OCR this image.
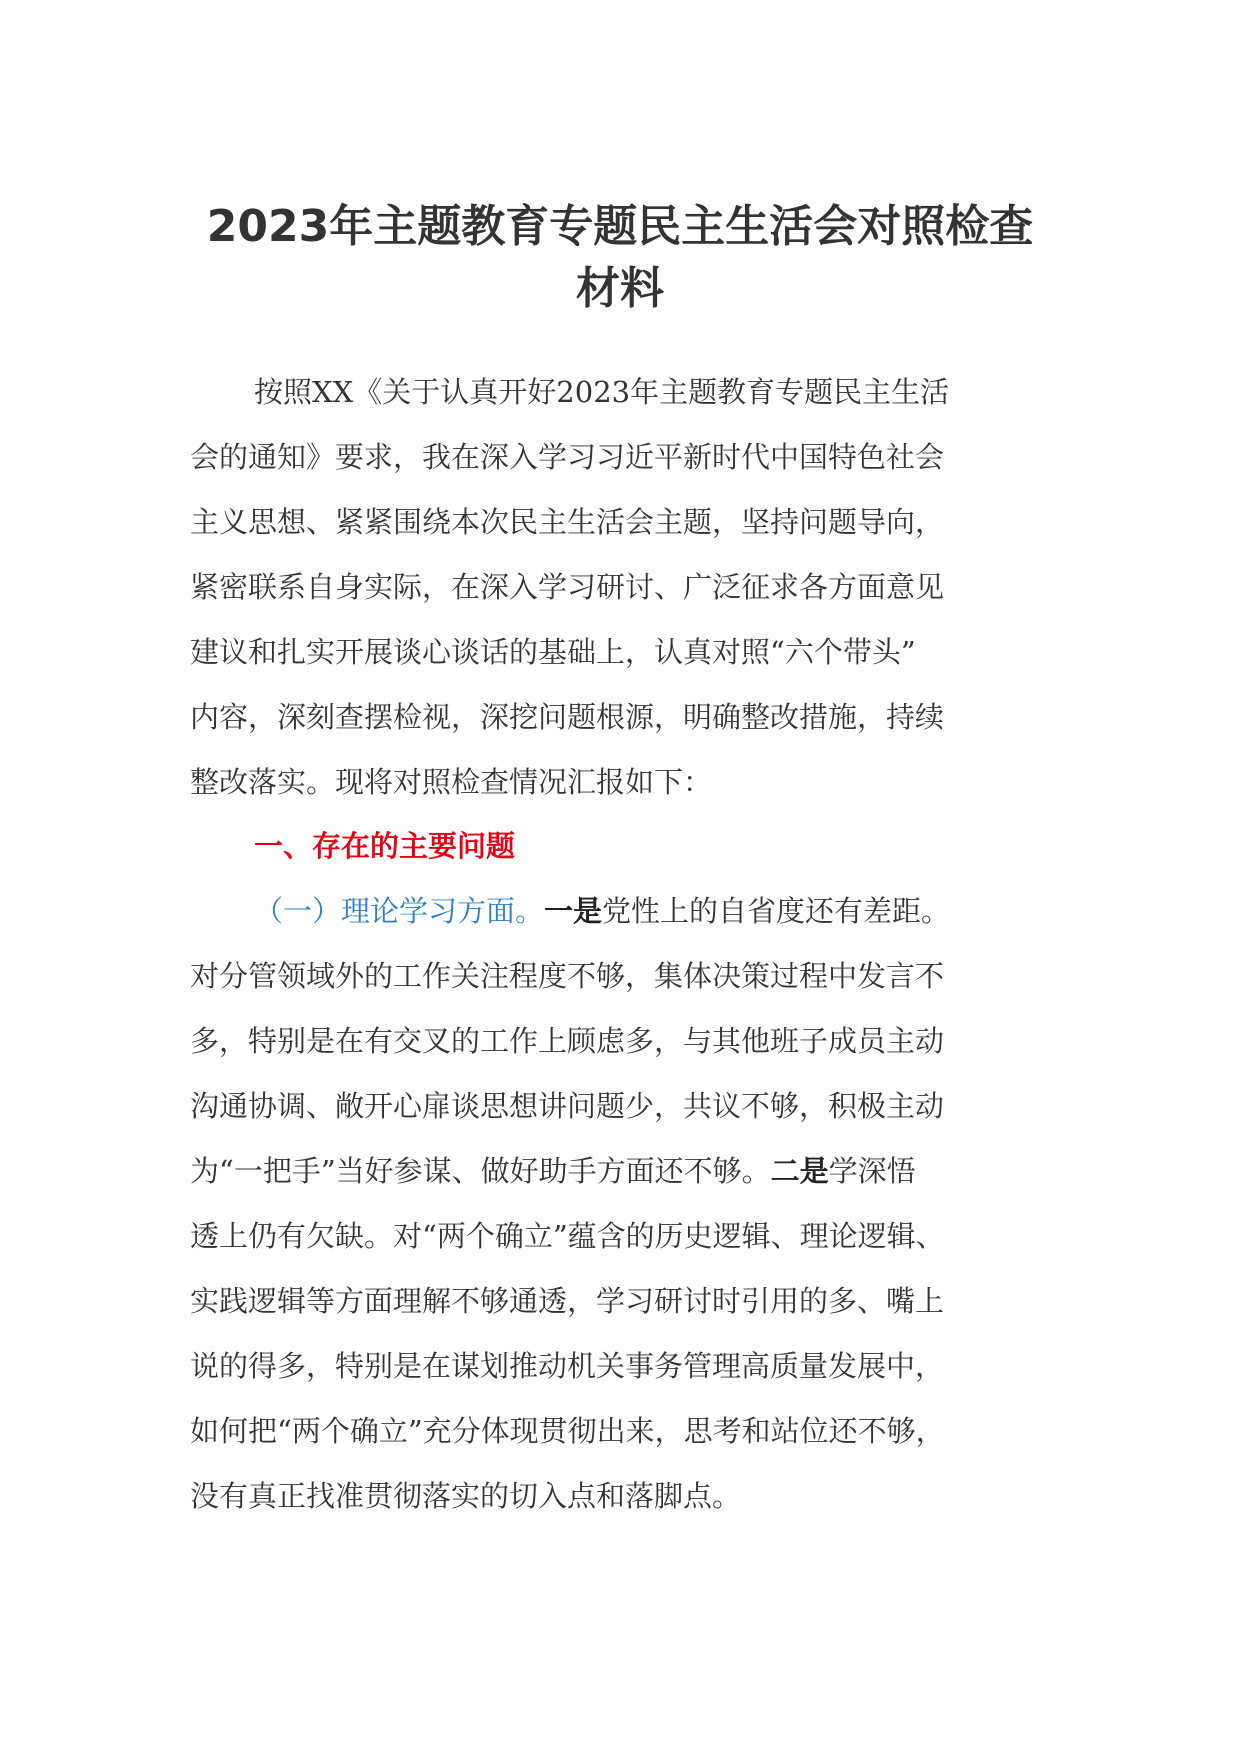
2023年主题教育专题民主生活会对照检查
材料
按照XX《关于认真开好2023年主题教育专题民主生活
会的通知》要求，我在深入学习习近平新时代中国特色社会
主义思想、紧紧围绕本次民主生活会主题，坚持问题导向，
紧密联系自身实际，在深入学习研讨、广泛征求各方面意见
建议和扎实开展谈心谈话的基础上，认真对照“六个带头”
内容，深刻查摆检视，深挖问题根源，明确整改措施，持续
整改落实。现将对照检查情况汇报如下：
一、存在的主要问题
（一）理论学习方面。一是党性上的自省度还有差距。
对分管领域外的工作关注程度不够，集体决策过程中发言不
多，特别是在有交叉的工作上顾虑多，与其他班子成员主动
沟通协调、敞开心扉谈思想讲问题少，共议不够，积极主动
为“一把手”当好参谋、做好助手方面还不够。二是学深悟
透上仍有欠缺。对“两个确立”蕴含的历史逻辑、理论逻辑、
实践逻辑等方面理解不够通透，学习研讨时引用的多、嘴上
说的得多，特别是在谋划推动机关事务管理高质量发展中，
如何把“两个确立”充分体现贯彻出来，思考和站位还不够，
没有真正找准贯彻落实的切入点和落脚点。
